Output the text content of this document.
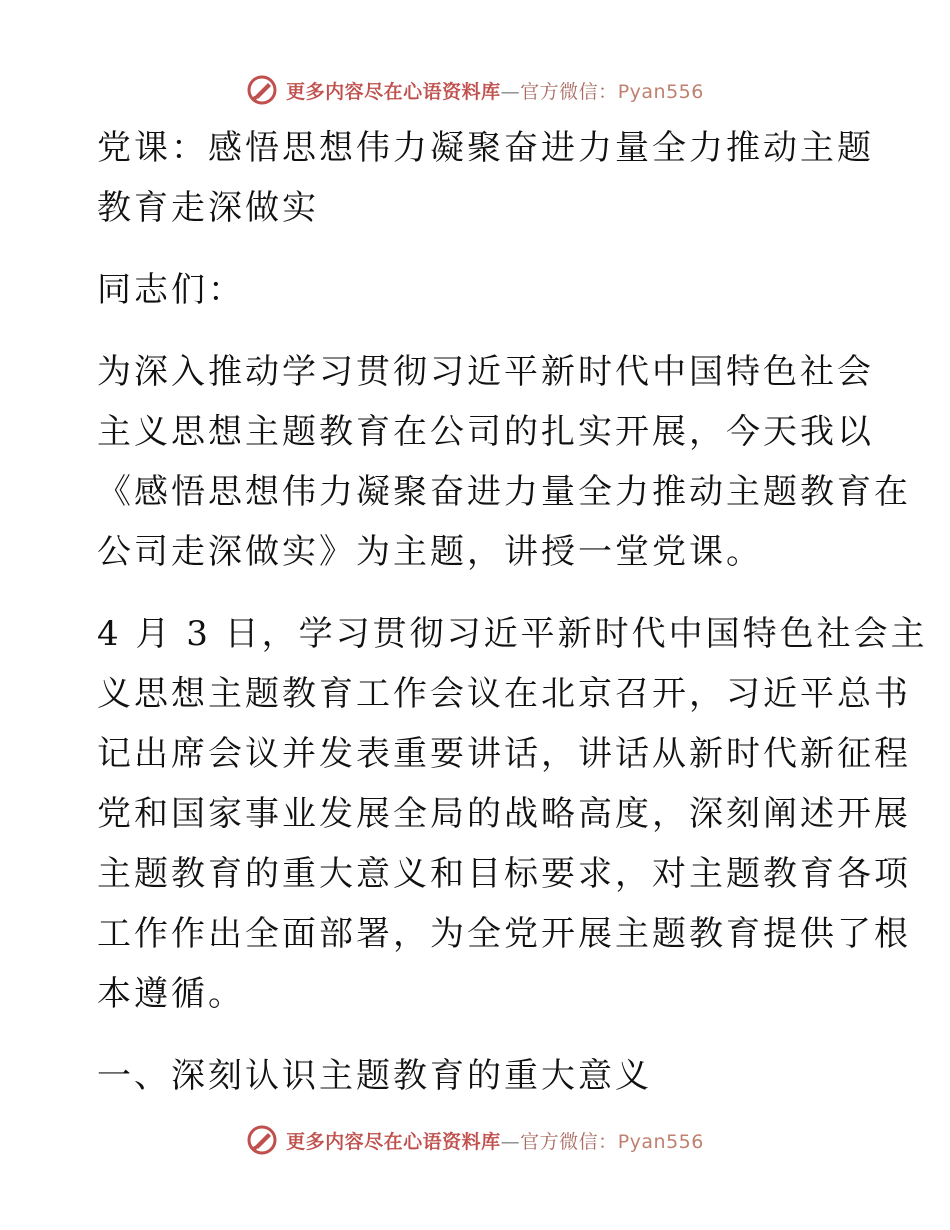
更多内容尽在心语资料库—官方微信：Pyan556
党课：感悟思想伟力凝聚奋进力量全力推动主题
教育走深做实
同志们：
为深入推动学习贯彻习近平新时代中国特色社会
主义思想主题教育在公司的扎实开展，今天我以
《感悟思想伟力凝聚奋进力量全力推动主题教育在
公司走深做实》为主题，讲授一堂党课。
4 月 3 日，学习贯彻习近平新时代中国特色社会主
义思想主题教育工作会议在北京召开，习近平总书
记出席会议并发表重要讲话，讲话从新时代新征程
党和国家事业发展全局的战略高度，深刻阐述开展
主题教育的重大意义和目标要求，对主题教育各项
工作作出全面部署，为全党开展主题教育提供了根
本遵循。
一、深刻认识主题教育的重大意义
更多内容尽在心语资料库—官方微信：Pyan556
